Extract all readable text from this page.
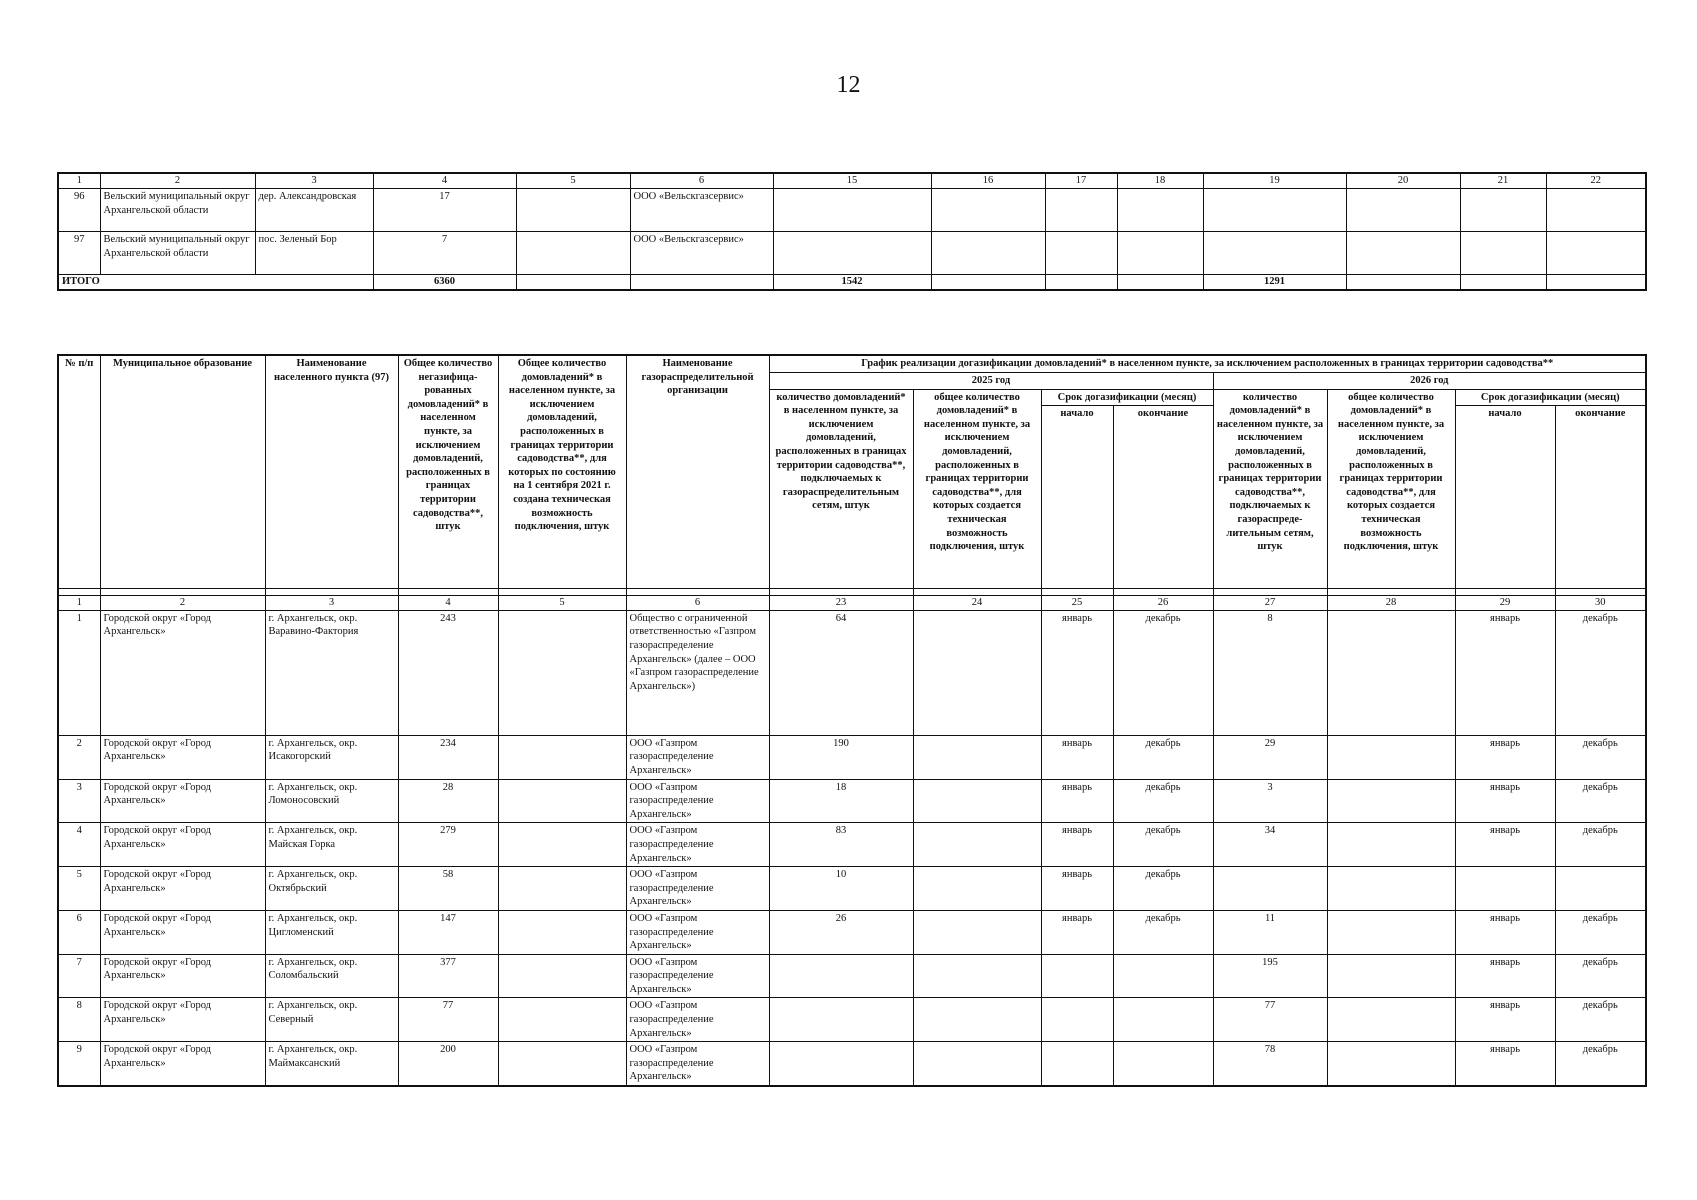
12
1	2	3	4	5	6	15	16	17	18	19	20	21	22
96	Вельский муниципальный округ Архангельской области	дер. Александровская	17		ООО «Вельскгазсервис»								
97	Вельский муниципальный округ Архангельской области	пос. Зеленый Бор	7		ООО «Вельскгазсервис»								
ИТОГО			6360			1542				1291			
№ п/п	Муниципальное образование	Наименование населенного пункта (97)	Общее количество негазифица-рованных домовладений* в населенном пункте, за исключением домовладений, расположенных в границах территории садоводства**, штук	Общее количество домовладений* в населенном пункте, за исключением домовладений, расположенных в границах территории садоводства**, для которых по состоянию на 1 сентября 2021 г. создана техническая возможность подключения, штук	Наименование газораспределительной организации	График реализации догазификации домовладений* в населенном пункте, за исключением расположенных в границах территории садоводства**							
						2025 год				2026 год			
						количество домовладений* в населенном пункте, за исключением домовладений, расположенных в границах территории садоводства**, подключаемых к газораспределительным сетям, штук	общее количество домовладений* в населенном пункте, за исключением домовладений, расположенных в границах территории садоводства**, для которых создается техническая возможность подключения, штук	Срок догазификации (месяц)		количество домовладений* в населенном пункте, за исключением домовладений, расположенных в границах территории садоводства**, подключаемых к газораспреде-лительным сетям, штук	общее количество домовладений* в населенном пункте, за исключением домовладений, расположенных в границах территории садоводства**, для которых создается техническая возможность подключения, штук	Срок догазификации (месяц)	
								начало	окончание			начало	окончание

1	2	3	4	5	6	23	24	25	26	27	28	29	30
1	Городской округ «Город Архангельск»	г. Архангельск, окр. Варавино-Фактория	243		Общество с ограниченной ответственностью «Газпром газораспределение Архангельск» (далее – ООО «Газпром газораспределение Архангельск»)	64		январь	декабрь	8		январь	декабрь
2	Городской округ «Город Архангельск»	г. Архангельск, окр. Исакогорский	234		ООО «Газпром газораспределение Архангельск»	190		январь	декабрь	29		январь	декабрь
3	Городской округ «Город Архангельск»	г. Архангельск, окр. Ломоносовский	28		ООО «Газпром газораспределение Архангельск»	18		январь	декабрь	3		январь	декабрь
4	Городской округ «Город Архангельск»	г. Архангельск, окр. Майская Горка	279		ООО «Газпром газораспределение Архангельск»	83		январь	декабрь	34		январь	декабрь
5	Городской округ «Город Архангельск»	г. Архангельск, окр. Октябрьский	58		ООО «Газпром газораспределение Архангельск»	10		январь	декабрь				
6	Городской округ «Город Архангельск»	г. Архангельск, окр. Цигломенский	147		ООО «Газпром газораспределение Архангельск»	26		январь	декабрь	11		январь	декабрь
7	Городской округ «Город Архангельск»	г. Архангельск, окр. Соломбальский	377		ООО «Газпром газораспределение Архангельск»					195		январь	декабрь
8	Городской округ «Город Архангельск»	г. Архангельск, окр. Северный	77		ООО «Газпром газораспределение Архангельск»					77		январь	декабрь
9	Городской округ «Город Архангельск»	г. Архангельск, окр. Маймаксанский	200		ООО «Газпром газораспределение Архангельск»					78		январь	декабрь
